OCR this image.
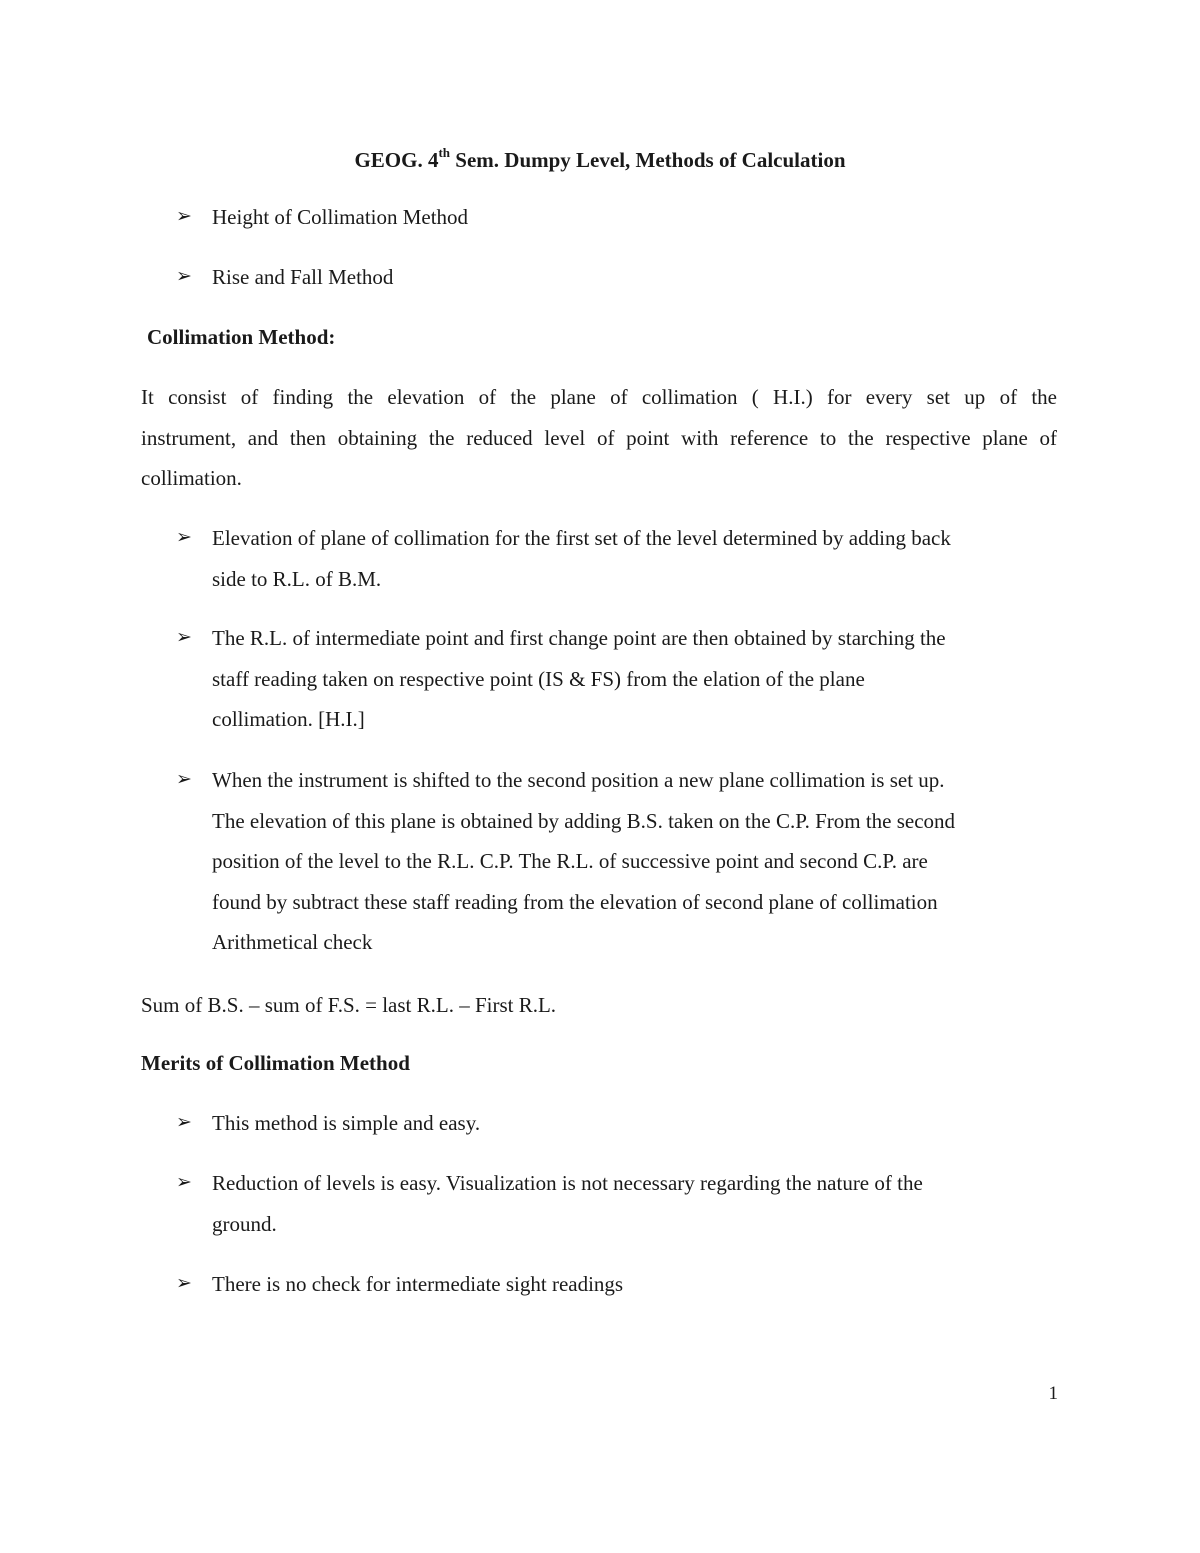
GEOG. 4th Sem. Dumpy Level, Methods of Calculation
➢ Height of Collimation Method
➢ Rise and Fall Method
Collimation Method:
It consist of finding the elevation of the plane of collimation ( H.I.) for every set up of the
instrument, and then obtaining the reduced level of point with reference to the respective plane of
collimation.
➢ Elevation of plane of collimation for the first set of the level determined by adding back
side to R.L. of B.M.
➢ The R.L. of intermediate point and first change point are then obtained by starching the
staff reading taken on respective point (IS & FS) from the elation of the plane
collimation. [H.I.]
➢ When the instrument is shifted to the second position a new plane collimation is set up.
The elevation of this plane is obtained by adding B.S. taken on the C.P. From the second
position of the level to the R.L. C.P. The R.L. of successive point and second C.P. are
found by subtract these staff reading from the elevation of second plane of collimation
Arithmetical check
Sum of B.S. – sum of F.S. = last R.L. – First R.L.
Merits of Collimation Method
➢ This method is simple and easy.
➢ Reduction of levels is easy. Visualization is not necessary regarding the nature of the
ground.
➢ There is no check for intermediate sight readings
1
